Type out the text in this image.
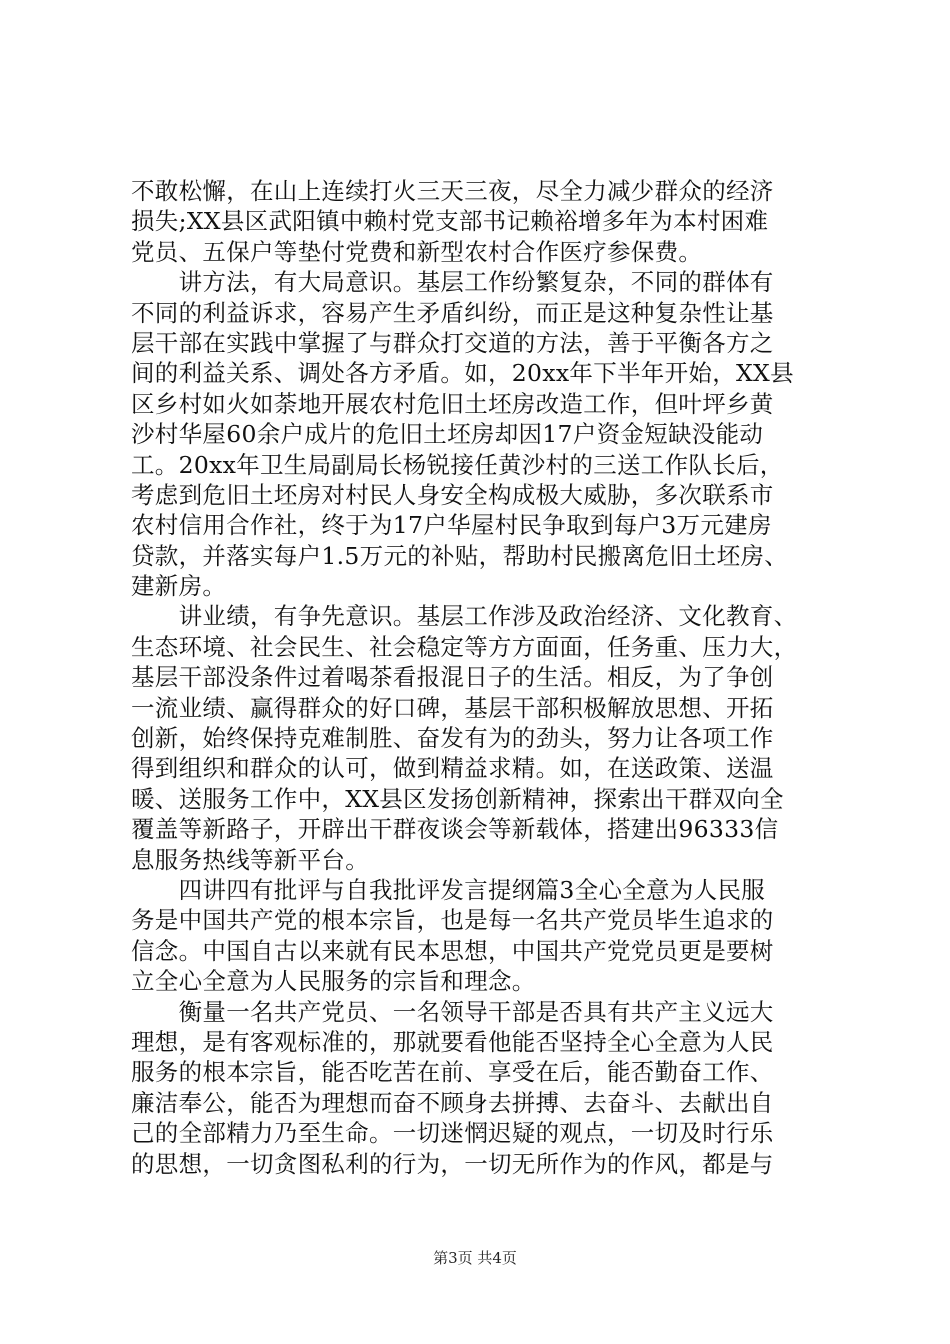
不敢松懈，在山上连续打火三天三夜，尽全力减少群众的经济
损失;XX县区武阳镇中赖村党支部书记赖裕增多年为本村困难
党员、五保户等垫付党费和新型农村合作医疗参保费。
　　讲方法，有大局意识。基层工作纷繁复杂，不同的群体有
不同的利益诉求，容易产生矛盾纠纷，而正是这种复杂性让基
层干部在实践中掌握了与群众打交道的方法，善于平衡各方之
间的利益关系、调处各方矛盾。如，20xx年下半年开始，XX县
区乡村如火如荼地开展农村危旧土坯房改造工作，但叶坪乡黄
沙村华屋60余户成片的危旧土坯房却因17户资金短缺没能动
工。20xx年卫生局副局长杨锐接任黄沙村的三送工作队长后，
考虑到危旧土坯房对村民人身安全构成极大威胁，多次联系市
农村信用合作社，终于为17户华屋村民争取到每户3万元建房
贷款，并落实每户1.5万元的补贴，帮助村民搬离危旧土坯房、
建新房。
　　讲业绩，有争先意识。基层工作涉及政治经济、文化教育、
生态环境、社会民生、社会稳定等方方面面，任务重、压力大，
基层干部没条件过着喝茶看报混日子的生活。相反，为了争创
一流业绩、赢得群众的好口碑，基层干部积极解放思想、开拓
创新，始终保持克难制胜、奋发有为的劲头，努力让各项工作
得到组织和群众的认可，做到精益求精。如，在送政策、送温
暖、送服务工作中，XX县区发扬创新精神，探索出干群双向全
覆盖等新路子，开辟出干群夜谈会等新载体，搭建出96333信
息服务热线等新平台。
　　四讲四有批评与自我批评发言提纲篇3全心全意为人民服
务是中国共产党的根本宗旨，也是每一名共产党员毕生追求的
信念。中国自古以来就有民本思想，中国共产党党员更是要树
立全心全意为人民服务的宗旨和理念。
　　衡量一名共产党员、一名领导干部是否具有共产主义远大
理想，是有客观标准的，那就要看他能否坚持全心全意为人民
服务的根本宗旨，能否吃苦在前、享受在后，能否勤奋工作、
廉洁奉公，能否为理想而奋不顾身去拼搏、去奋斗、去献出自
己的全部精力乃至生命。一切迷惘迟疑的观点，一切及时行乐
的思想，一切贪图私利的行为，一切无所作为的作风，都是与
第3页 共4页
